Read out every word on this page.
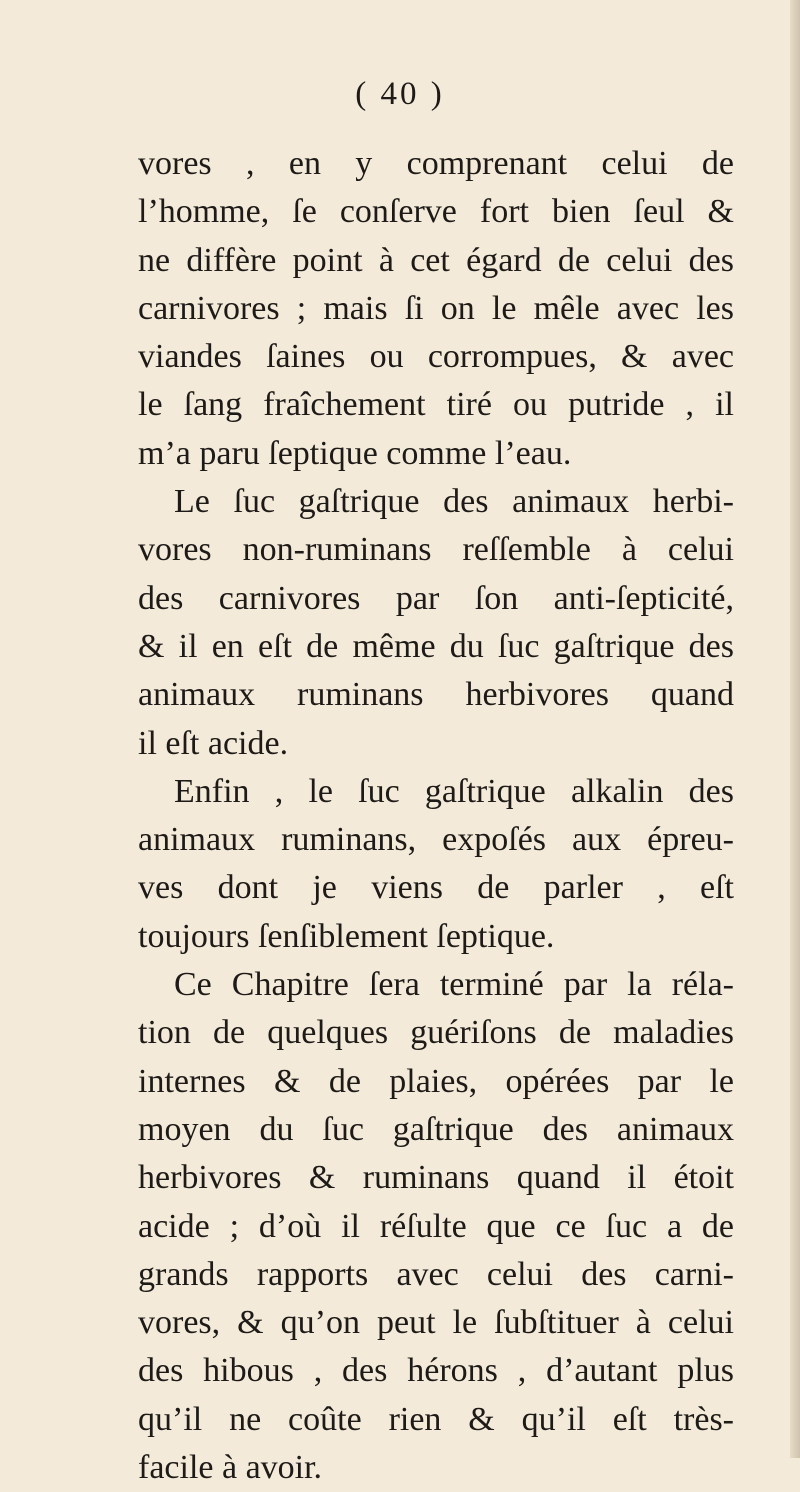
( 40 )
vores , en y comprenant celui de
l’homme, ſe conſerve fort bien ſeul &
ne diffère point à cet égard de celui des
carnivores ; mais ſi on le mêle avec les
viandes ſaines ou corrompues, & avec
le ſang fraîchement tiré ou putride , il
m’a paru ſeptique comme l’eau.
Le ſuc gaſtrique des animaux herbi-
vores non-ruminans reſſemble à celui
des carnivores par ſon anti-ſepticité,
& il en eſt de même du ſuc gaſtrique des
animaux ruminans herbivores quand
il eſt acide.
Enfin , le ſuc gaſtrique alkalin des
animaux ruminans, expoſés aux épreu-
ves dont je viens de parler , eſt
toujours ſenſiblement ſeptique.
Ce Chapitre ſera terminé par la réla-
tion de quelques guériſons de maladies
internes & de plaies, opérées par le
moyen du ſuc gaſtrique des animaux
herbivores & ruminans quand il étoit
acide ; d’où il réſulte que ce ſuc a de
grands rapports avec celui des carni-
vores, & qu’on peut le ſubſtituer à celui
des hibous , des hérons , d’autant plus
qu’il ne coûte rien & qu’il eſt très-
facile à avoir.
